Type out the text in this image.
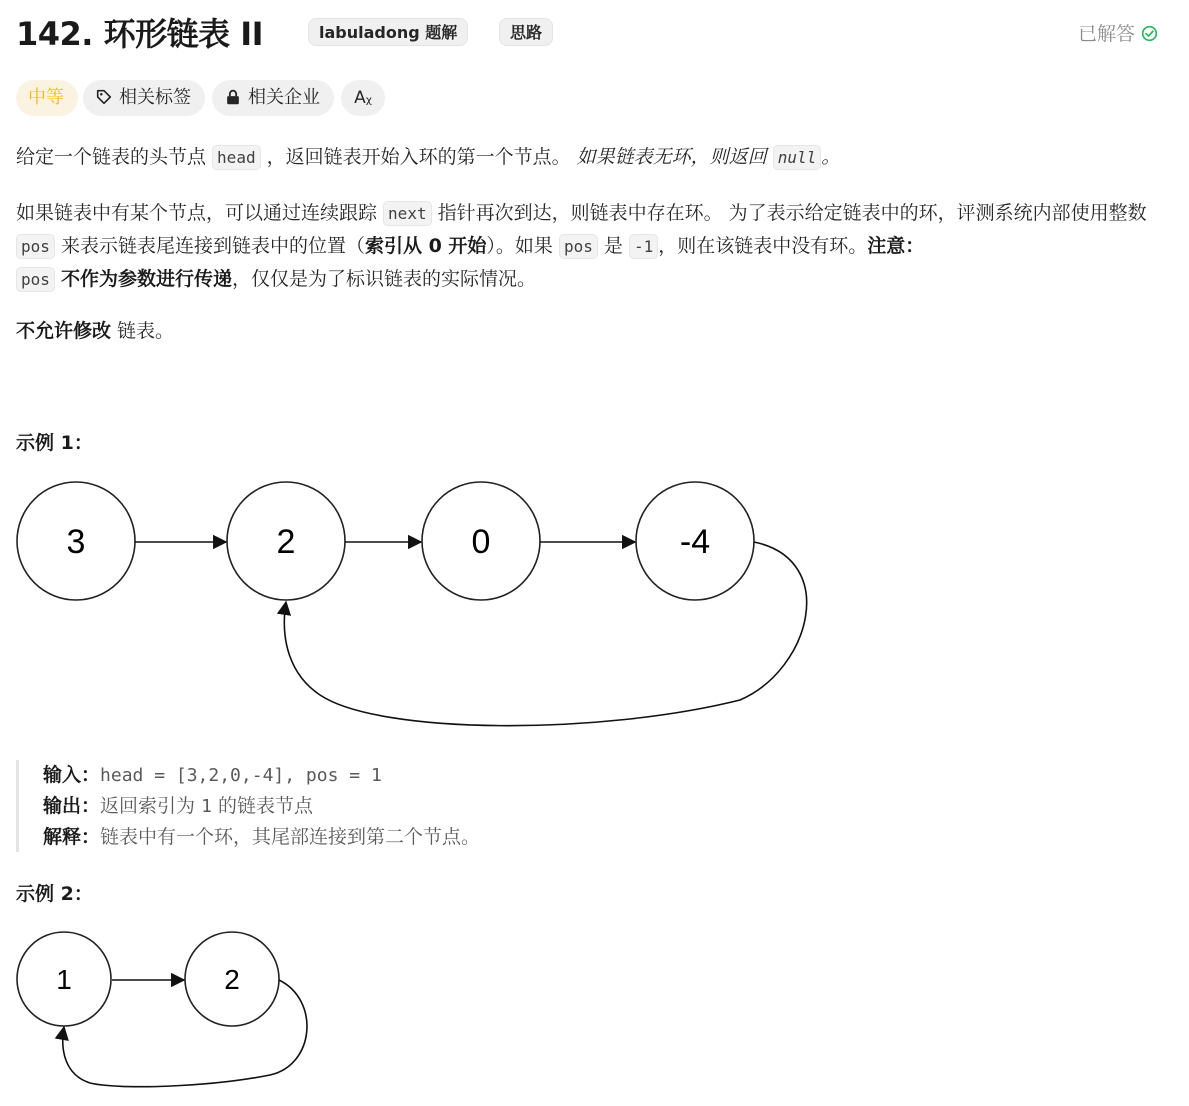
142. 环形链表 II	labuladong 题解	思路	已解答
中等	相关标签	相关企业	Aᵪ
给定一个链表的头节点 head ，返回链表开始入环的第一个节点。 如果链表无环，则返回 null 。
如果链表中有某个节点，可以通过连续跟踪 next 指针再次到达，则链表中存在环。 为了表示给定链表中的环，评测系统内部使用整数 pos 来表示链表尾连接到链表中的位置（索引从 0 开始）。如果 pos 是 -1 ，则在该链表中没有环。注意：
pos 不作为参数进行传递，仅仅是为了标识链表的实际情况。
不允许修改 链表。
示例 1：
3	2	0	-4
输入：head = [3,2,0,-4], pos = 1
输出：返回索引为 1 的链表节点
解释：链表中有一个环，其尾部连接到第二个节点。
示例 2：
1	2
